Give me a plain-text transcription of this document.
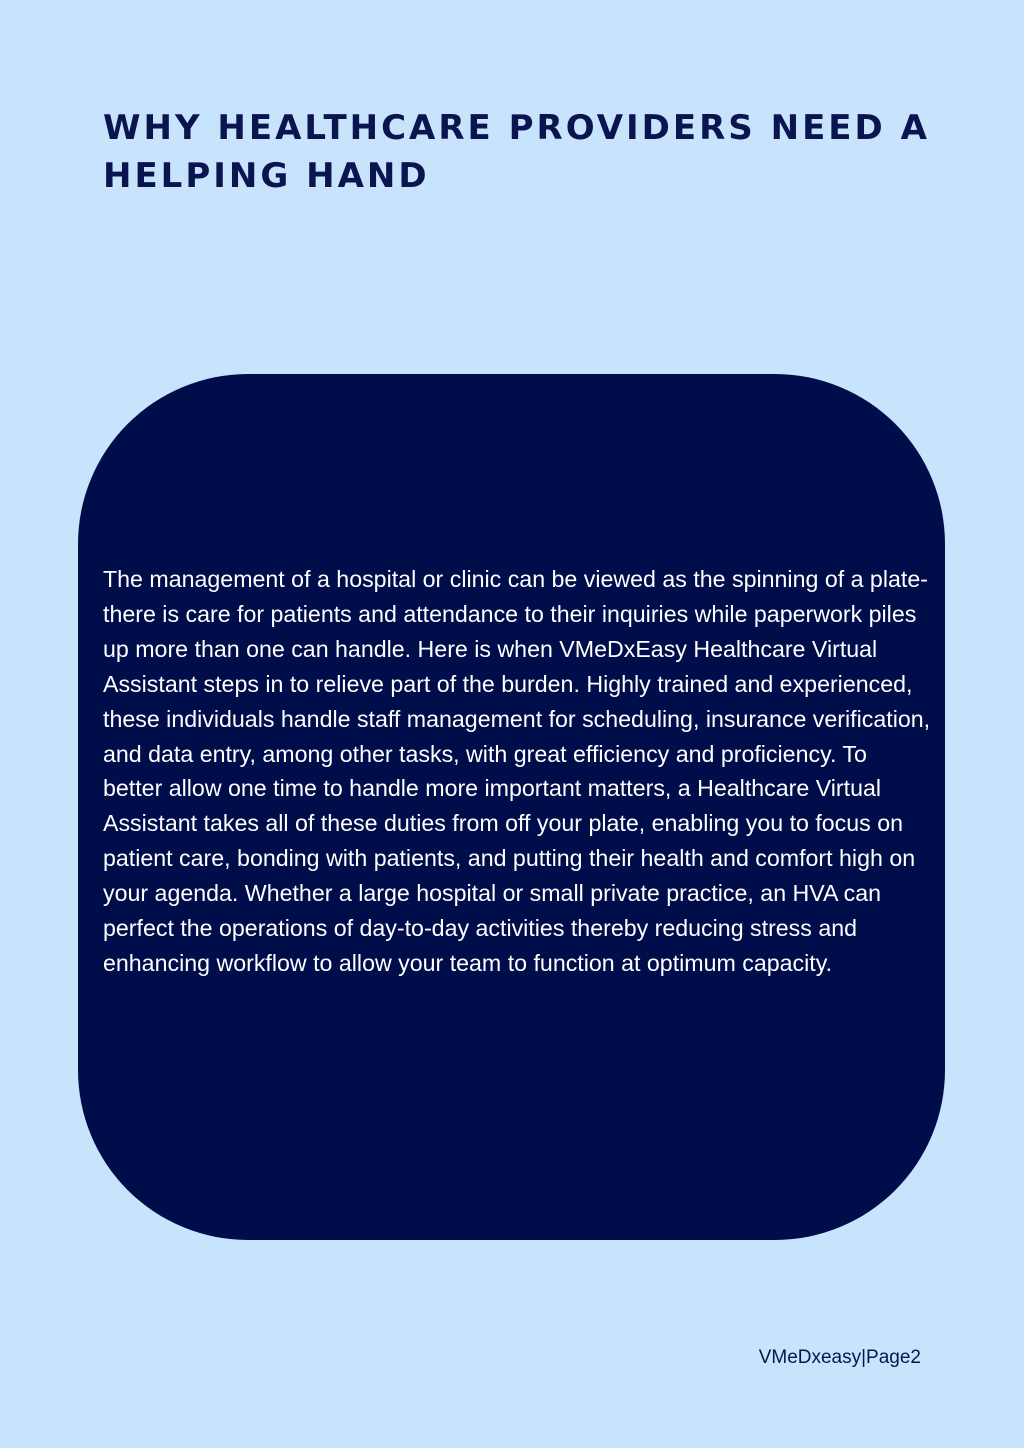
WHY HEALTHCARE PROVIDERS NEED A HELPING HAND

The management of a hospital or clinic can be viewed as the spinning of a plate-there is care for patients and attendance to their inquiries while paperwork piles up more than one can handle. Here is when VMeDxEasy Healthcare Virtual Assistant steps in to relieve part of the burden. Highly trained and experienced, these individuals handle staff management for scheduling, insurance verification, and data entry, among other tasks, with great efficiency and proficiency. To better allow one time to handle more important matters, a Healthcare Virtual Assistant takes all of these duties from off your plate, enabling you to focus on patient care, bonding with patients, and putting their health and comfort high on your agenda. Whether a large hospital or small private practice, an HVA can perfect the operations of day-to-day activities thereby reducing stress and enhancing workflow to allow your team to function at optimum capacity.

VMeDxeasy|Page2
